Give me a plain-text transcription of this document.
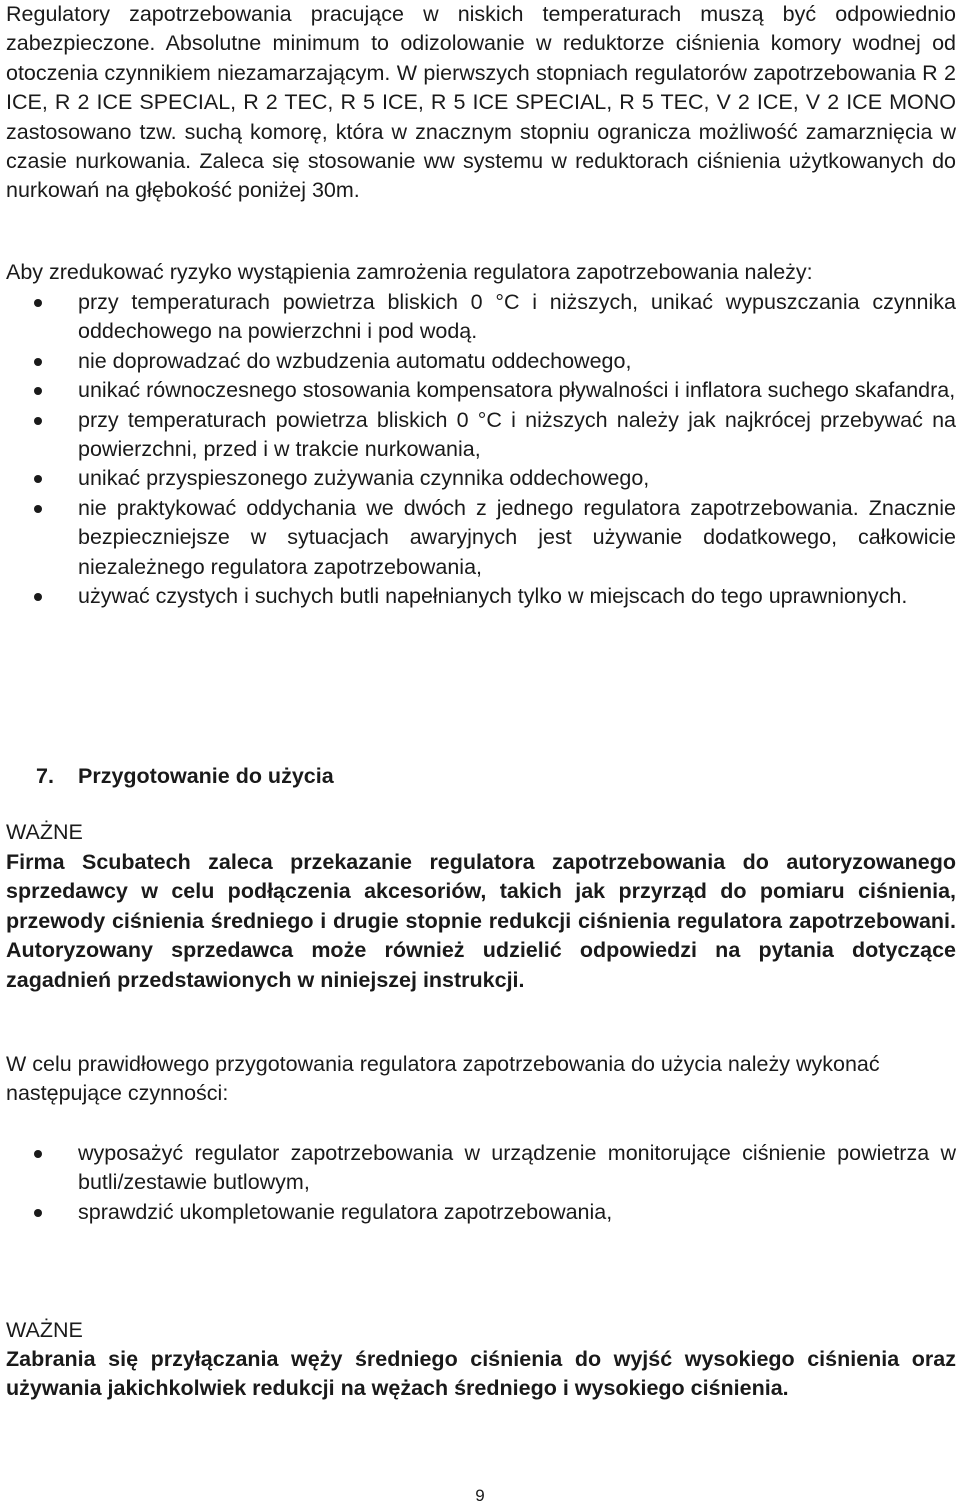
Regulatory zapotrzebowania pracujące w niskich temperaturach muszą być odpowiednio zabezpieczone. Absolutne minimum to odizolowanie w reduktorze ciśnienia komory wodnej od otoczenia czynnikiem niezamarzającym. W pierwszych stopniach regulatorów zapotrzebowania R 2 ICE, R 2 ICE SPECIAL, R 2 TEC, R 5 ICE, R 5 ICE SPECIAL, R 5 TEC, V 2 ICE, V 2 ICE MONO zastosowano tzw. suchą komorę, która w znacznym stopniu ogranicza możliwość zamarznięcia w czasie nurkowania. Zaleca się stosowanie ww systemu w reduktorach ciśnienia użytkowanych do nurkowań na głębokość poniżej 30m.

Aby zredukować ryzyko wystąpienia zamrożenia regulatora zapotrzebowania należy:

przy temperaturach powietrza bliskich 0 °C i niższych, unikać wypuszczania czynnika oddechowego na powierzchni i pod wodą.
nie doprowadzać do wzbudzenia automatu oddechowego,
unikać równoczesnego stosowania kompensatora pływalności i inflatora suchego skafandra,
przy temperaturach powietrza bliskich 0 °C i niższych należy jak najkrócej przebywać na powierzchni, przed i w trakcie nurkowania,
unikać przyspieszonego zużywania czynnika oddechowego,
nie praktykować oddychania we dwóch z jednego regulatora zapotrzebowania. Znacznie bezpieczniejsze w sytuacjach awaryjnych jest używanie dodatkowego, całkowicie niezależnego regulatora zapotrzebowania,
używać czystych i suchych butli napełnianych tylko w miejscach do tego uprawnionych.

7. Przygotowanie do użycia

WAŻNE

Firma Scubatech zaleca przekazanie regulatora zapotrzebowania do autoryzowanego sprzedawcy w celu podłączenia akcesoriów, takich jak przyrząd do pomiaru ciśnienia, przewody ciśnienia średniego i drugie stopnie redukcji ciśnienia regulatora zapotrzebowani. Autoryzowany sprzedawca może również udzielić odpowiedzi na pytania dotyczące zagadnień przedstawionych w niniejszej instrukcji.

W celu prawidłowego przygotowania regulatora zapotrzebowania do użycia należy wykonać następujące czynności:

wyposażyć regulator zapotrzebowania w urządzenie monitorujące ciśnienie powietrza w butli/zestawie butlowym,
sprawdzić ukompletowanie regulatora zapotrzebowania,

WAŻNE

Zabrania się przyłączania węży średniego ciśnienia do wyjść wysokiego ciśnienia oraz używania jakichkolwiek redukcji na wężach średniego i wysokiego ciśnienia.

9
